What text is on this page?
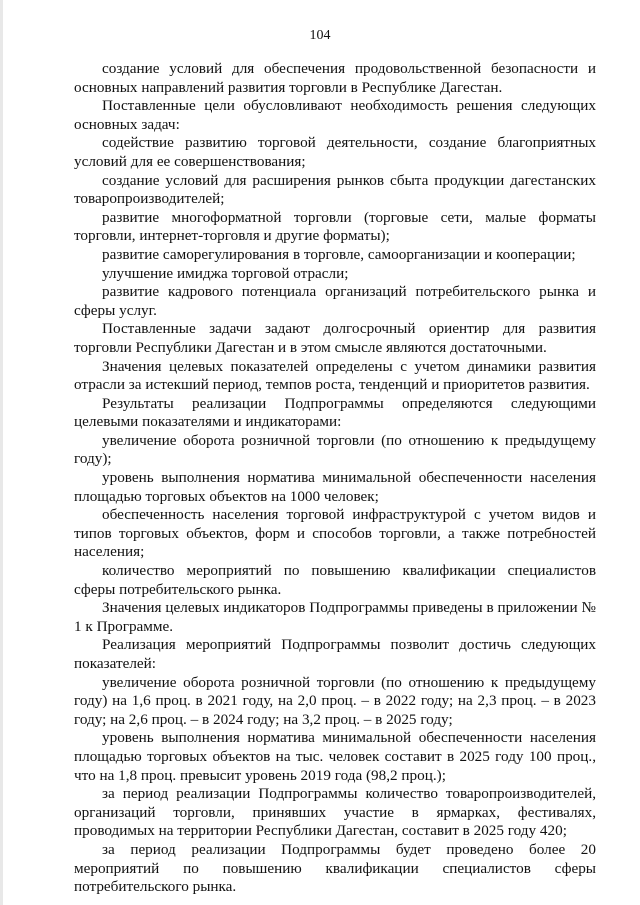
104

создание условий для обеспечения продовольственной безопасности и основных направлений развития торговли в Республике Дагестан.

Поставленные цели обусловливают необходимость решения следующих основных задач:

содействие развитию торговой деятельности, создание благоприятных условий для ее совершенствования;

создание условий для расширения рынков сбыта продукции дагестанских товаропроизводителей;

развитие многоформатной торговли (торговые сети, малые форматы торговли, интернет-торговля и другие форматы);

развитие саморегулирования в торговле, самоорганизации и кооперации;

улучшение имиджа торговой отрасли;

развитие кадрового потенциала организаций потребительского рынка и сферы услуг.

Поставленные задачи задают долгосрочный ориентир для развития торговли Республики Дагестан и в этом смысле являются достаточными.

Значения целевых показателей определены с учетом динамики развития отрасли за истекший период, темпов роста, тенденций и приоритетов развития.

Результаты реализации Подпрограммы определяются следующими целевыми показателями и индикаторами:

увеличение оборота розничной торговли (по отношению к предыдущему году);

уровень выполнения норматива минимальной обеспеченности населения площадью торговых объектов на 1000 человек;

обеспеченность населения торговой инфраструктурой с учетом видов и типов торговых объектов, форм и способов торговли, а также потребностей населения;

количество мероприятий по повышению квалификации специалистов сферы потребительского рынка.

Значения целевых индикаторов Подпрограммы приведены в приложении № 1 к Программе.

Реализация мероприятий Подпрограммы позволит достичь следующих показателей:

увеличение оборота розничной торговли (по отношению к предыдущему году) на 1,6 проц. в 2021 году, на 2,0 проц. – в 2022 году; на 2,3 проц. – в 2023 году; на 2,6 проц. – в 2024 году; на 3,2 проц. – в 2025 году;

уровень выполнения норматива минимальной обеспеченности населения площадью торговых объектов на тыс. человек составит в 2025 году 100 проц., что на 1,8 проц. превысит уровень 2019 года (98,2 проц.);

за период реализации Подпрограммы количество товаропроизводителей, организаций торговли, принявших участие в ярмарках, фестивалях, проводимых на территории Республики Дагестан, составит в 2025 году 420;

за период реализации Подпрограммы будет проведено более 20 мероприятий по повышению квалификации специалистов сферы потребительского рынка.
